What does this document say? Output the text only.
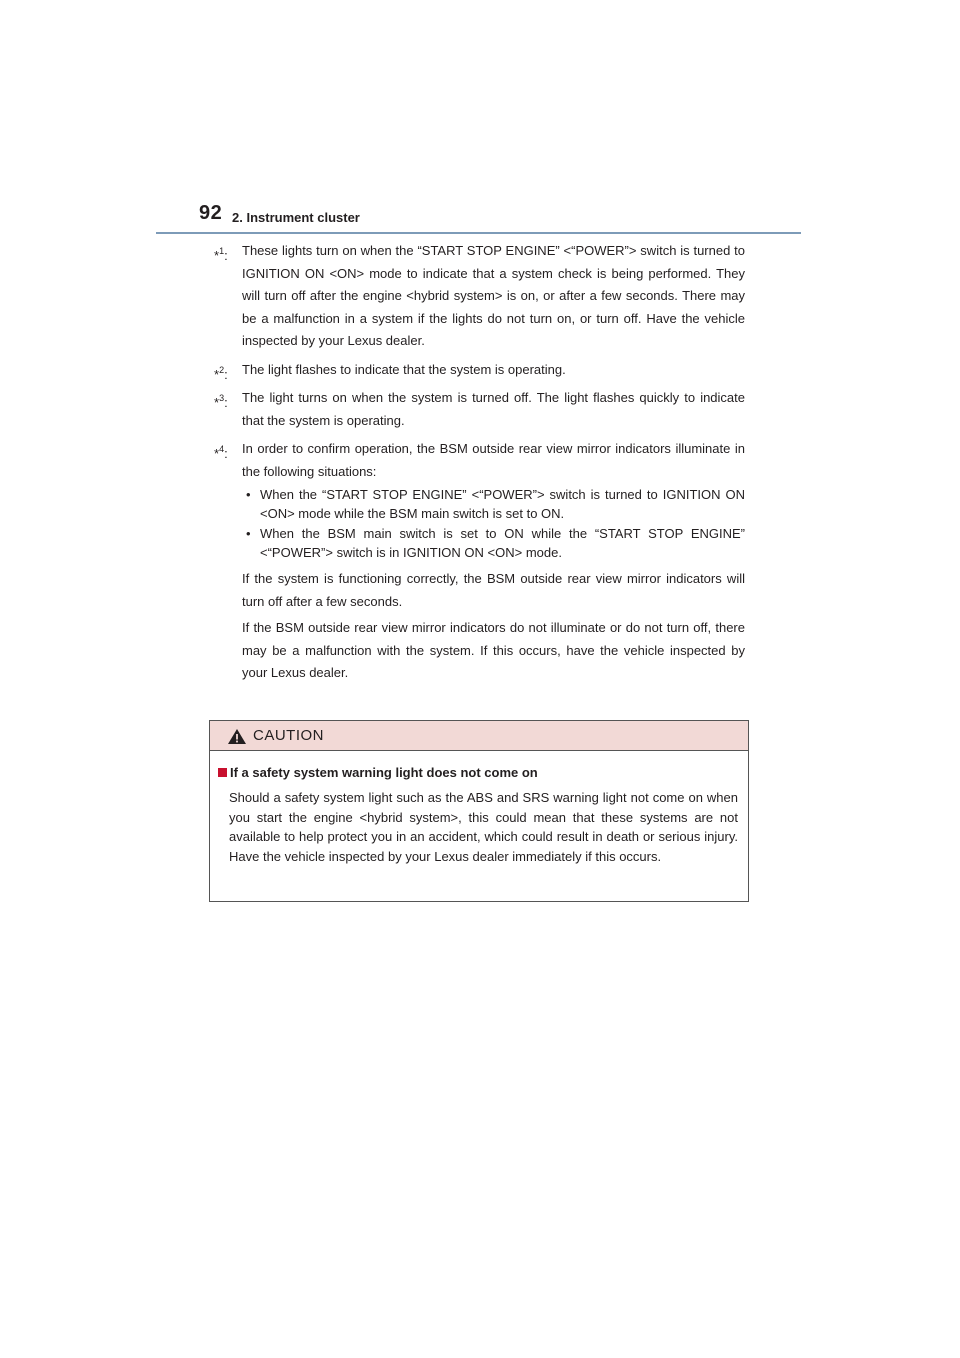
92 2. Instrument cluster
*$^1$: These lights turn on when the “START STOP ENGINE” <“POWER”> switch is turned to IGNITION ON <ON> mode to indicate that a system check is being performed. They will turn off after the engine <hybrid system> is on, or after a few seconds. There may be a malfunction in a system if the lights do not turn on, or turn off. Have the vehicle inspected by your Lexus dealer.
*$^2$: The light flashes to indicate that the system is operating.
*$^3$: The light turns on when the system is turned off. The light flashes quickly to indicate that the system is operating.
*$^4$: In order to confirm operation, the BSM outside rear view mirror indicators illuminate in the following situations:
• When the “START STOP ENGINE” <“POWER”> switch is turned to IGNITION ON <ON> mode while the BSM main switch is set to ON.
• When the BSM main switch is set to ON while the “START STOP ENGINE” <“POWER”> switch is in IGNITION ON <ON> mode.

If the system is functioning correctly, the BSM outside rear view mirror indicators will turn off after a few seconds.

If the BSM outside rear view mirror indicators do not illuminate or do not turn off, there may be a malfunction with the system. If this occurs, have the vehicle inspected by your Lexus dealer.

CAUTION
If a safety system warning light does not come on
Should a safety system light such as the ABS and SRS warning light not come on when you start the engine <hybrid system>, this could mean that these systems are not available to help protect you in an accident, which could result in death or serious injury. Have the vehicle inspected by your Lexus dealer immediately if this occurs.
